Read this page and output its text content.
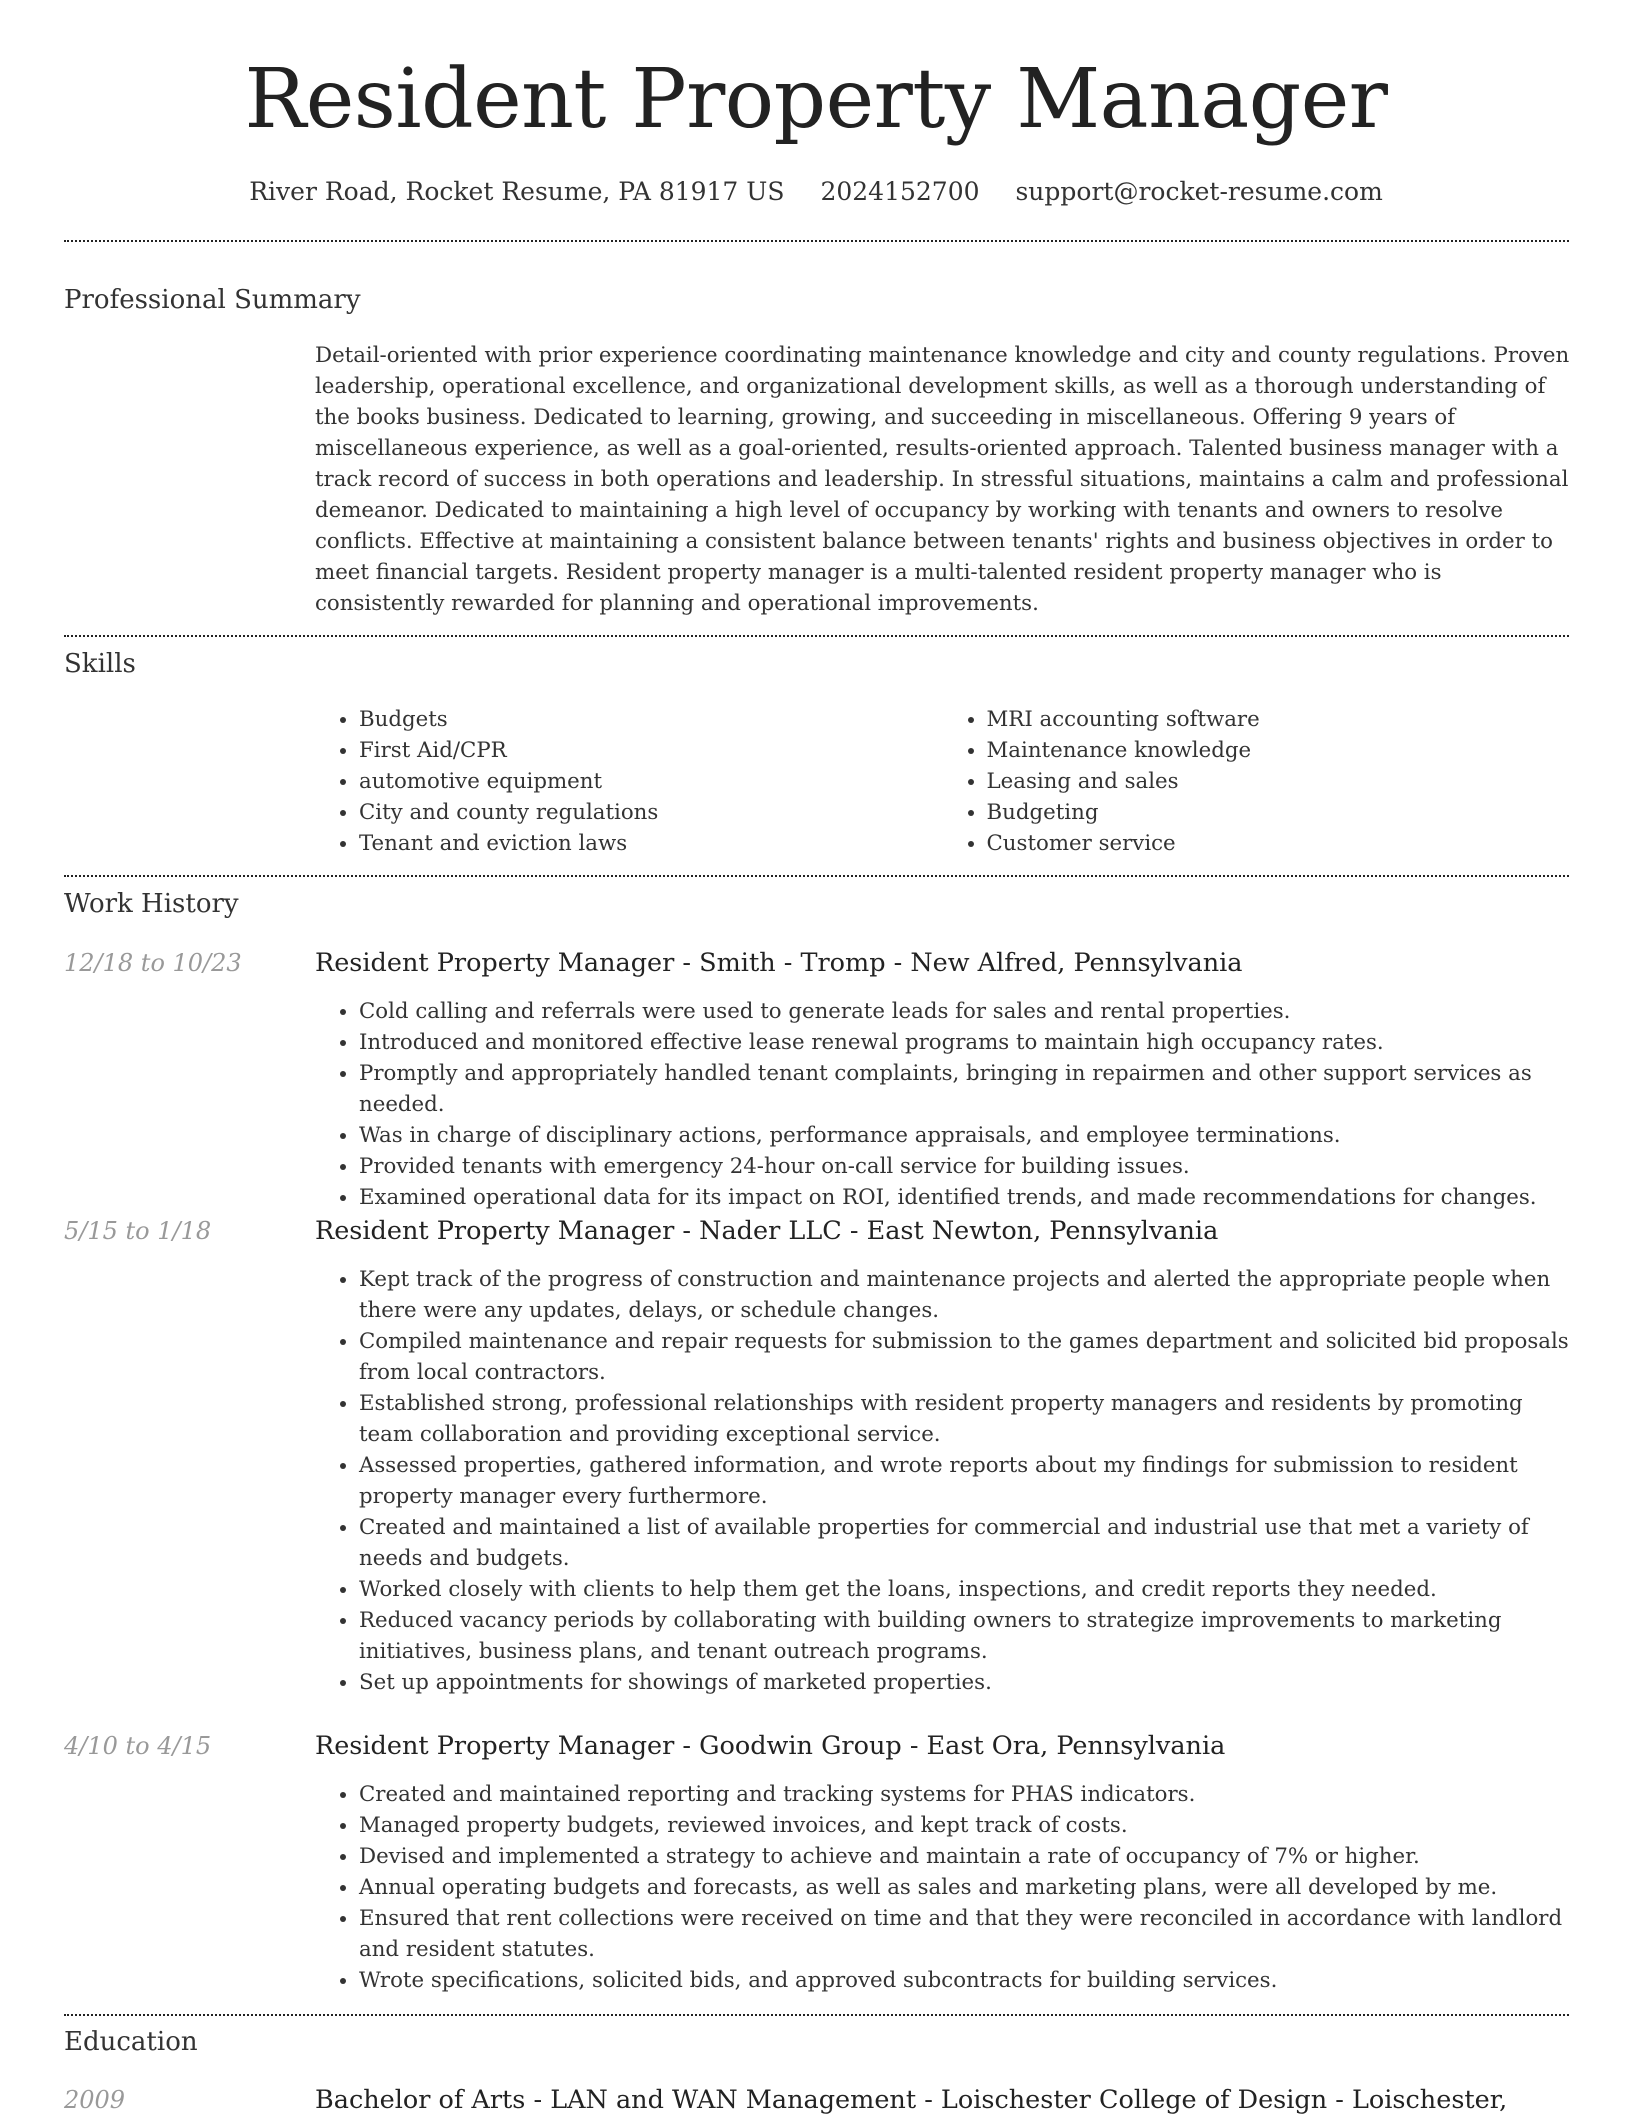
Resident Property Manager
River Road, Rocket Resume, PA 81917 US 2024152700 support@rocket-resume.com
Professional Summary
Detail-oriented with prior experience coordinating maintenance knowledge and city and county regulations. Proven leadership, operational excellence, and organizational development skills, as well as a thorough understanding of the books business. Dedicated to learning, growing, and succeeding in miscellaneous. Offering 9 years of miscellaneous experience, as well as a goal-oriented, results-oriented approach. Talented business manager with a track record of success in both operations and leadership. In stressful situations, maintains a calm and professional demeanor. Dedicated to maintaining a high level of occupancy by working with tenants and owners to resolve conflicts. Effective at maintaining a consistent balance between tenants' rights and business objectives in order to meet financial targets. Resident property manager is a multi-talented resident property manager who is consistently rewarded for planning and operational improvements.
Skills
• Budgets
• First Aid/CPR
• automotive equipment
• City and county regulations
• Tenant and eviction laws
• MRI accounting software
• Maintenance knowledge
• Leasing and sales
• Budgeting
• Customer service
Work History
12/18 to 10/23	Resident Property Manager - Smith - Tromp - New Alfred, Pennsylvania
• Cold calling and referrals were used to generate leads for sales and rental properties.
• Introduced and monitored effective lease renewal programs to maintain high occupancy rates.
• Promptly and appropriately handled tenant complaints, bringing in repairmen and other support services as needed.
• Was in charge of disciplinary actions, performance appraisals, and employee terminations.
• Provided tenants with emergency 24-hour on-call service for building issues.
• Examined operational data for its impact on ROI, identified trends, and made recommendations for changes.
5/15 to 1/18	Resident Property Manager - Nader LLC - East Newton, Pennsylvania
• Kept track of the progress of construction and maintenance projects and alerted the appropriate people when there were any updates, delays, or schedule changes.
• Compiled maintenance and repair requests for submission to the games department and solicited bid proposals from local contractors.
• Established strong, professional relationships with resident property managers and residents by promoting team collaboration and providing exceptional service.
• Assessed properties, gathered information, and wrote reports about my findings for submission to resident property manager every furthermore.
• Created and maintained a list of available properties for commercial and industrial use that met a variety of needs and budgets.
• Worked closely with clients to help them get the loans, inspections, and credit reports they needed.
• Reduced vacancy periods by collaborating with building owners to strategize improvements to marketing initiatives, business plans, and tenant outreach programs.
• Set up appointments for showings of marketed properties.
4/10 to 4/15	Resident Property Manager - Goodwin Group - East Ora, Pennsylvania
• Created and maintained reporting and tracking systems for PHAS indicators.
• Managed property budgets, reviewed invoices, and kept track of costs.
• Devised and implemented a strategy to achieve and maintain a rate of occupancy of 7% or higher.
• Annual operating budgets and forecasts, as well as sales and marketing plans, were all developed by me.
• Ensured that rent collections were received on time and that they were reconciled in accordance with landlord and resident statutes.
• Wrote specifications, solicited bids, and approved subcontracts for building services.
Education
2009	Bachelor of Arts - LAN and WAN Management - Loischester College of Design - Loischester,
